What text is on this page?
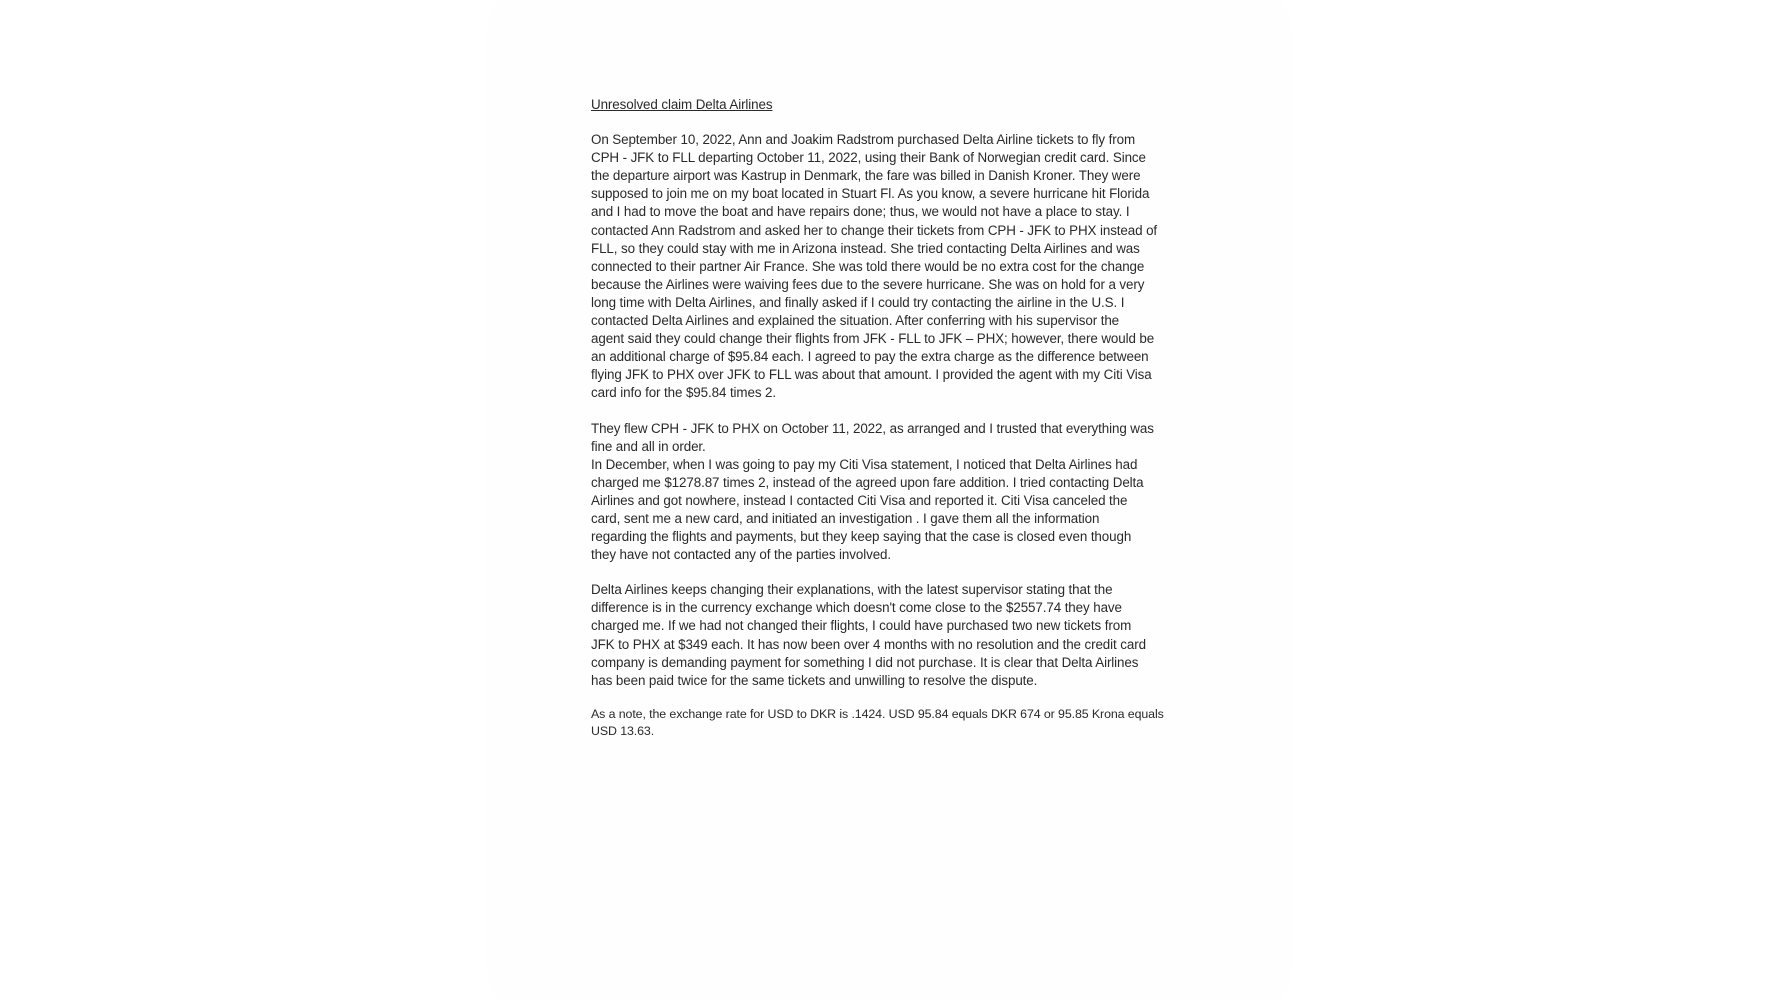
Unresolved claim Delta Airlines
On September 10, 2022, Ann and Joakim Radstrom purchased Delta Airline tickets to fly from
CPH - JFK to FLL departing October 11, 2022, using their Bank of Norwegian credit card. Since
the departure airport was Kastrup in Denmark, the fare was billed in Danish Kroner. They were
supposed to join me on my boat located in Stuart Fl. As you know, a severe hurricane hit Florida
and I had to move the boat and have repairs done; thus, we would not have a place to stay. I
contacted Ann Radstrom and asked her to change their tickets from CPH - JFK to PHX instead of
FLL, so they could stay with me in Arizona instead. She tried contacting Delta Airlines and was
connected to their partner Air France. She was told there would be no extra cost for the change
because the Airlines were waiving fees due to the severe hurricane. She was on hold for a very
long time with Delta Airlines, and finally asked if I could try contacting the airline in the U.S. I
contacted Delta Airlines and explained the situation. After conferring with his supervisor the
agent said they could change their flights from JFK - FLL to JFK – PHX; however, there would be
an additional charge of $95.84 each. I agreed to pay the extra charge as the difference between
flying JFK to PHX over JFK to FLL was about that amount. I provided the agent with my Citi Visa
card info for the $95.84 times 2.
They flew CPH - JFK to PHX on October 11, 2022, as arranged and I trusted that everything was
fine and all in order.
In December, when I was going to pay my Citi Visa statement, I noticed that Delta Airlines had
charged me $1278.87 times 2, instead of the agreed upon fare addition. I tried contacting Delta
Airlines and got nowhere, instead I contacted Citi Visa and reported it. Citi Visa canceled the
card, sent me a new card, and initiated an investigation . I gave them all the information
regarding the flights and payments, but they keep saying that the case is closed even though
they have not contacted any of the parties involved.
Delta Airlines keeps changing their explanations, with the latest supervisor stating that the
difference is in the currency exchange which doesn't come close to the $2557.74 they have
charged me. If we had not changed their flights, I could have purchased two new tickets from
JFK to PHX at $349 each. It has now been over 4 months with no resolution and the credit card
company is demanding payment for something I did not purchase. It is clear that Delta Airlines
has been paid twice for the same tickets and unwilling to resolve the dispute.
As a note, the exchange rate for USD to DKR is .1424. USD 95.84 equals DKR 674 or 95.85 Krona equals
USD 13.63.
